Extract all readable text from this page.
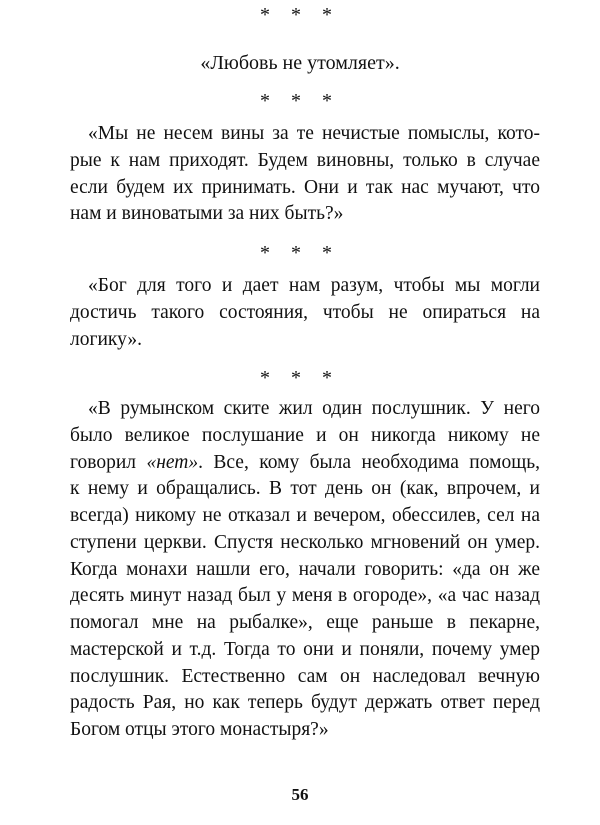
* * *
«Любовь не утомляет».
* * *
«Мы не несем вины за те нечистые помыслы, кото-
рые к нам приходят. Будем виновны, только в случае
если будем их принимать. Они и так нас мучают, что
нам и виноватыми за них быть?»
* * *
«Бог для того и дает нам разум, чтобы мы могли
достичь такого состояния, чтобы не опираться на
логику».
* * *
«В румынском ските жил один послушник. У него
было великое послушание и он никогда никому не
говорил «нет». Все, кому была необходима помощь,
к нему и обращались. В тот день он (как, впрочем, и
всегда) никому не отказал и вечером, обессилев, сел на
ступени церкви. Спустя несколько мгновений он умер.
Когда монахи нашли его, начали говорить: «да он же
десять минут назад был у меня в огороде», «а час назад
помогал мне на рыбалке», еще раньше в пекарне,
мастерской и т.д. Тогда то они и поняли, почему умер
послушник. Естественно сам он наследовал вечную
радость Рая, но как теперь будут держать ответ перед
Богом отцы этого монастыря?»
56
